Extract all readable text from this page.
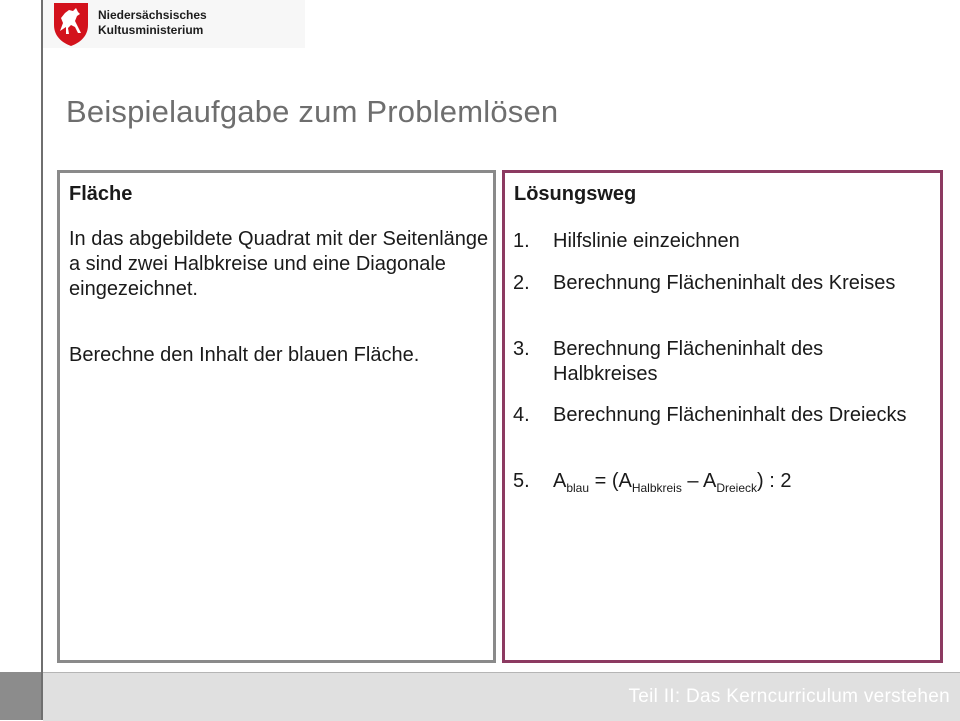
Niedersächsisches
Kultusministerium
Beispielaufgabe zum Problemlösen
Fläche

In das abgebildete Quadrat mit der Seitenlänge a sind zwei Halbkreise und eine Diagonale eingezeichnet.

Berechne den Inhalt der blauen Fläche.

Lösungsweg
1. Hilfslinie einzeichnen
2. Berechnung Flächeninhalt des Kreises
3. Berechnung Flächeninhalt des Halbkreises
4. Berechnung Flächeninhalt des Dreiecks
5. $A_{blau} = (A_{Halbkreis} - A_{Dreieck})$ : 2
Teil II: Das Kerncurriculum verstehen
